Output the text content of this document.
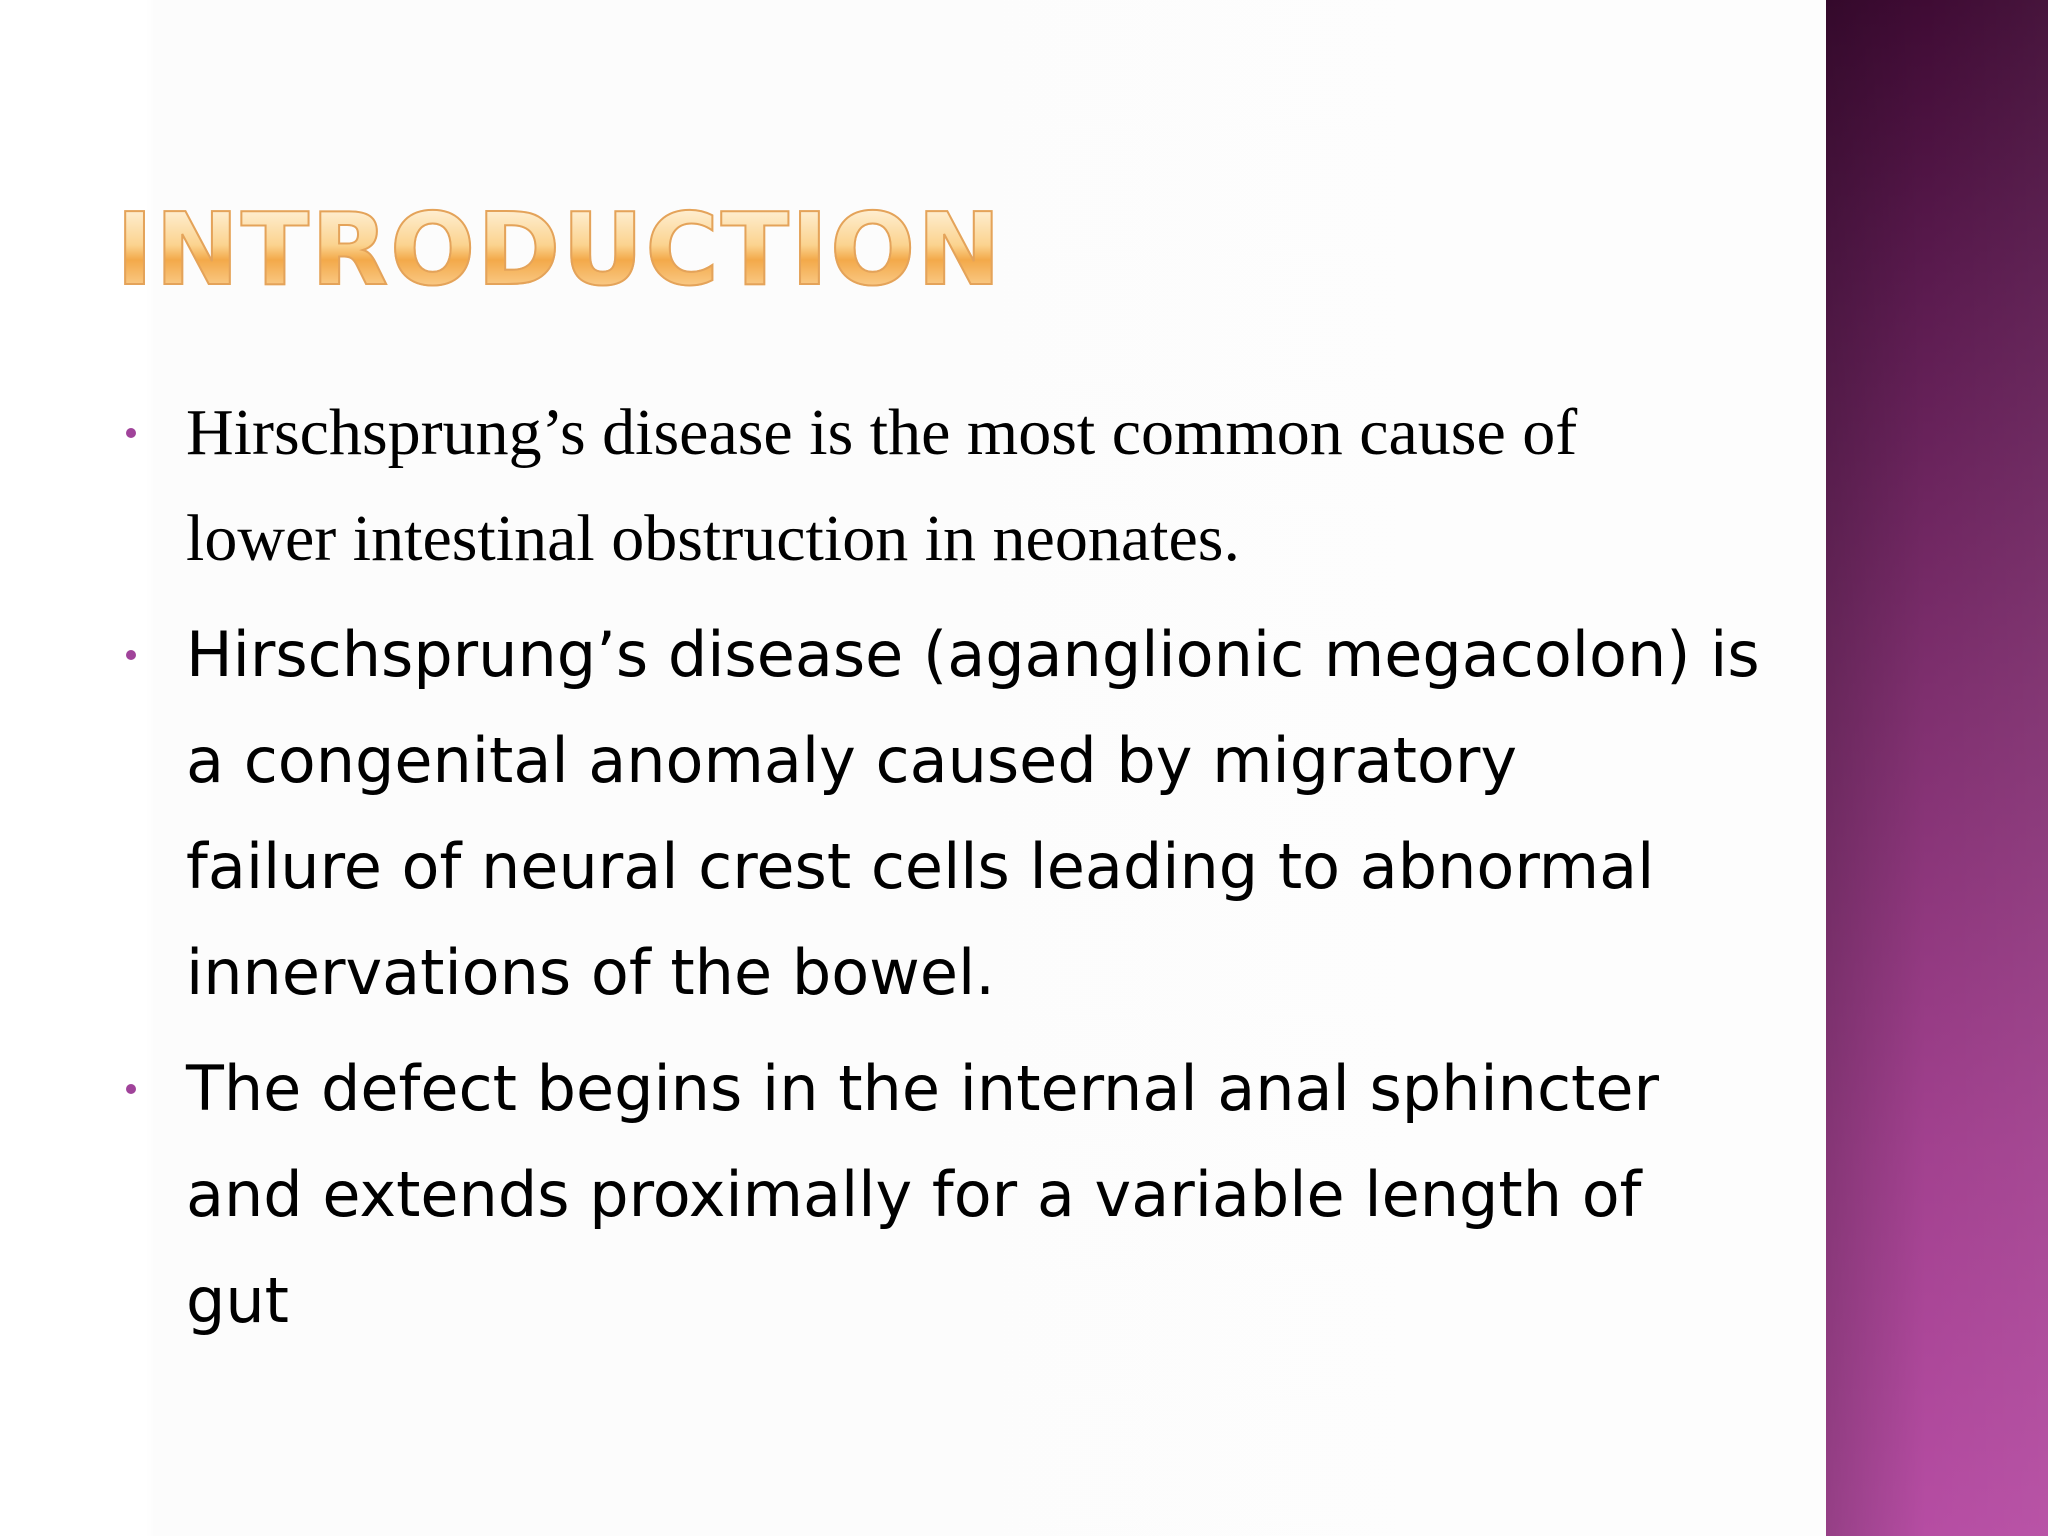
INTRODUCTION
Hirschsprung’s disease is the most common cause of
lower intestinal obstruction in neonates.
Hirschsprung’s disease (aganglionic megacolon) is
a congenital anomaly caused by migratory
failure of neural crest cells leading to abnormal
innervations of the bowel.
The defect begins in the internal anal sphincter
and extends proximally for a variable length of
gut
